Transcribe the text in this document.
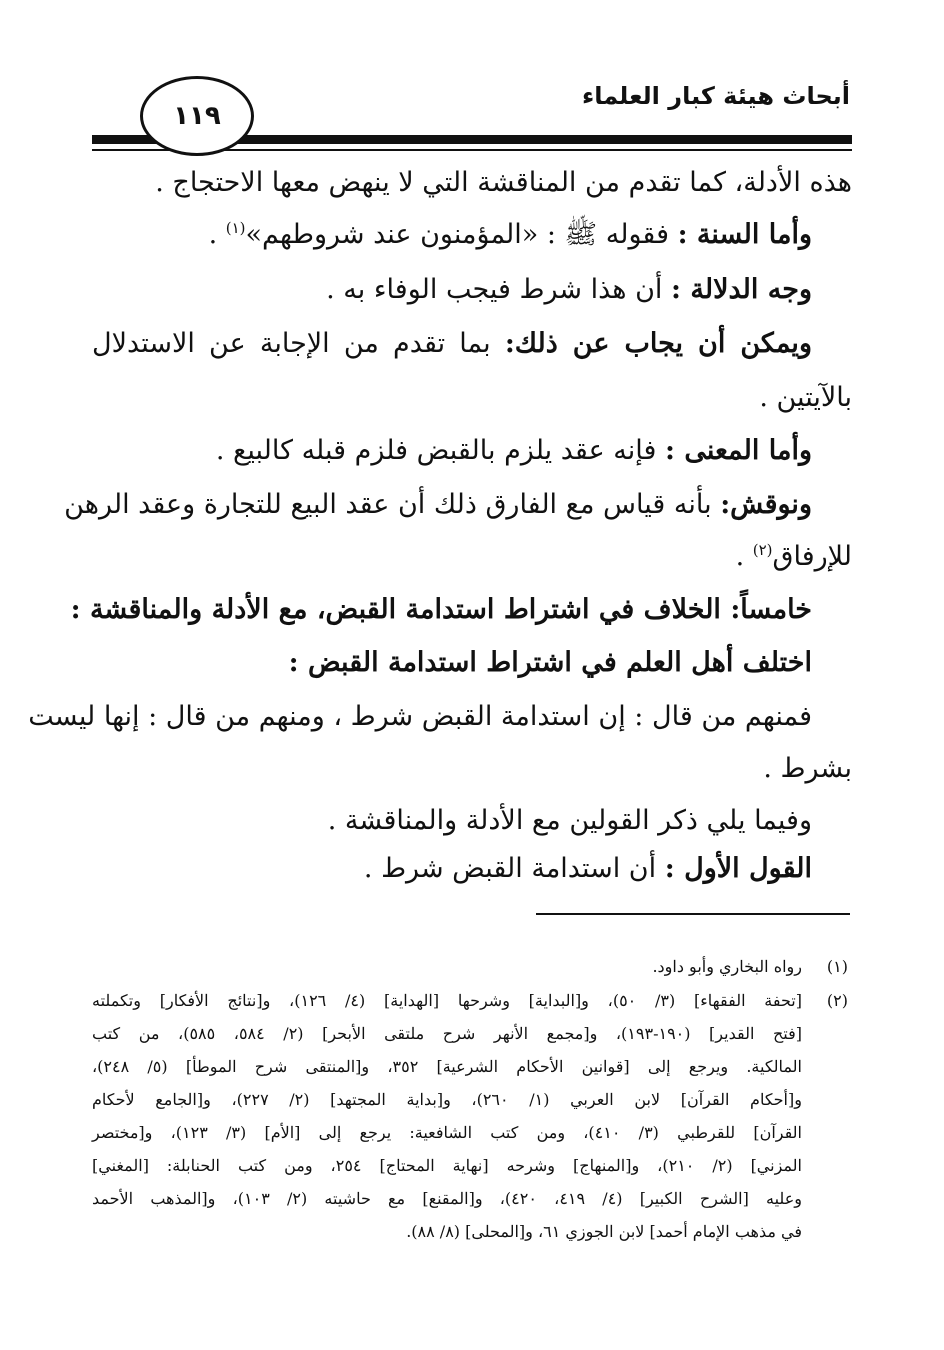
أبحاث هيئة كبار العلماء
١١٩
هذه الأدلة، كما تقدم من المناقشة التي لا ينهض معها الاحتجاج .
وأما السنة : فقوله ﷺ : «المؤمنون عند شروطهم»$^{(١)}$ .
وجه الدلالة : أن هذا شرط فيجب الوفاء به .
ويمكن أن يجاب عن ذلك: بما تقدم من الإجابة عن الاستدلال
بالآيتين .
وأما المعنى : فإنه عقد يلزم بالقبض فلزم قبله كالبيع .
ونوقش: بأنه قياس مع الفارق ذلك أن عقد البيع للتجارة وعقد الرهن
للإرفاق$^{(٢)}$ .
خامساً: الخلاف في اشتراط استدامة القبض، مع الأدلة والمناقشة :
اختلف أهل العلم في اشتراط استدامة القبض :
فمنهم من قال : إن استدامة القبض شرط ، ومنهم من قال : إنها ليست
بشرط .
وفيما يلي ذكر القولين مع الأدلة والمناقشة .
القول الأول : أن استدامة القبض شرط .
(١)
رواه البخاري وأبو داود.
(٢)
[تحفة الفقهاء] (٣/ ٥٠)، و[البداية] وشرحها [الهداية] (٤/ ١٢٦)، و[نتائج الأفكار] وتكملته
[فتح القدير] (١٩٠-١٩٣)، و[مجمع الأنهر شرح ملتقى الأبحر] (٢/ ٥٨٤، ٥٨٥)، من كتب
المالكية. ويرجع إلى [قوانين الأحكام الشرعية] ٣٥٢، و[المنتقى شرح الموطأ] (٥/ ٢٤٨)،
و[أحكام القرآن] لابن العربي (١/ ٢٦٠)، و[بداية المجتهد] (٢/ ٢٢٧)، و[الجامع لأحكام
القرآن] للقرطبي (٣/ ٤١٠)، ومن كتب الشافعية: يرجع إلى [الأم] (٣/ ١٢٣)، و[مختصر
المزني] (٢/ ٢١٠)، و[المنهاج] وشرحه [نهاية المحتاج] ٢٥٤، ومن كتب الحنابلة: [المغني]
وعليه [الشرح الكبير] (٤/ ٤١٩، ٤٢٠)، و[المقنع] مع حاشيته (٢/ ١٠٣)، و[المذهب الأحمد
في مذهب الإمام أحمد] لابن الجوزي ٦١، و[المحلى] (٨/ ٨٨).
